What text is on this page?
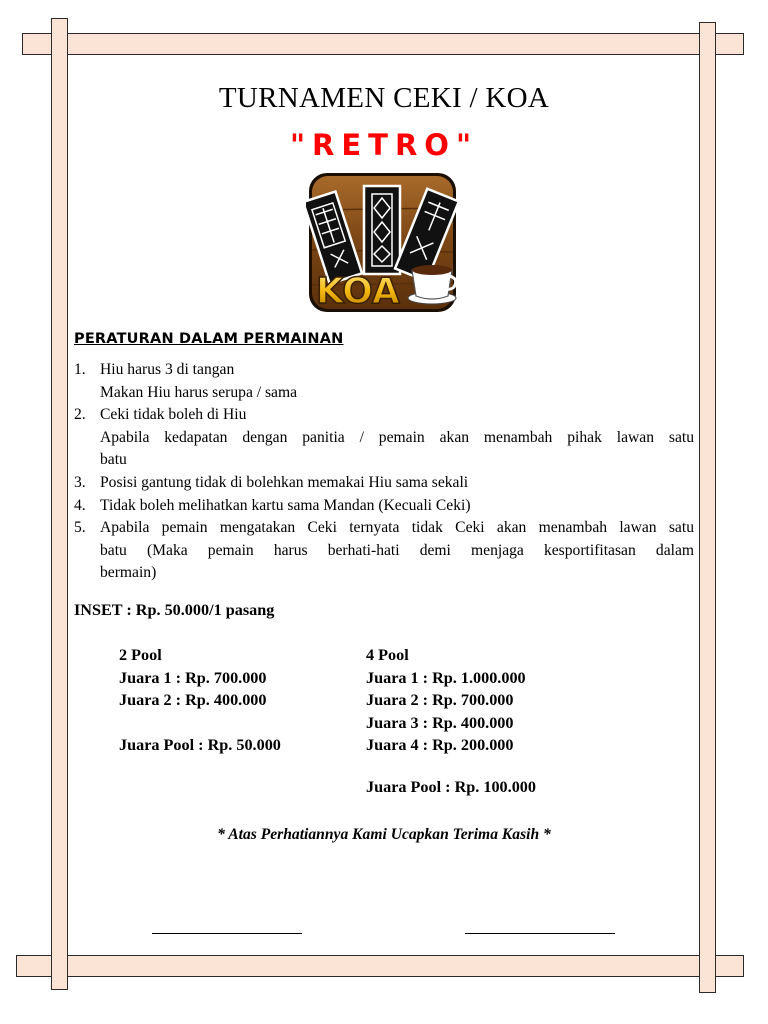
TURNAMEN CEKI / KOA
"RETRO"
KOA
PERATURAN DALAM PERMAINAN
1. Hiu harus 3 di tangan
Makan Hiu harus serupa / sama
2. Ceki tidak boleh di Hiu
Apabila kedapatan dengan panitia / pemain akan menambah pihak lawan satu
batu
3. Posisi gantung tidak di bolehkan memakai Hiu sama sekali
4. Tidak boleh melihatkan kartu sama Mandan (Kecuali Ceki)
5. Apabila pemain mengatakan Ceki ternyata tidak Ceki akan menambah lawan satu
batu (Maka pemain harus berhati-hati demi menjaga kesportifitasan dalam
bermain)
INSET : Rp. 50.000/1 pasang
2 Pool
Juara 1 : Rp. 700.000
Juara 2 : Rp. 400.000
Juara Pool : Rp. 50.000
4 Pool
Juara 1 : Rp. 1.000.000
Juara 2 : Rp. 700.000
Juara 3 : Rp. 400.000
Juara 4 : Rp. 200.000
Juara Pool : Rp. 100.000
* Atas Perhatiannya Kami Ucapkan Terima Kasih *
